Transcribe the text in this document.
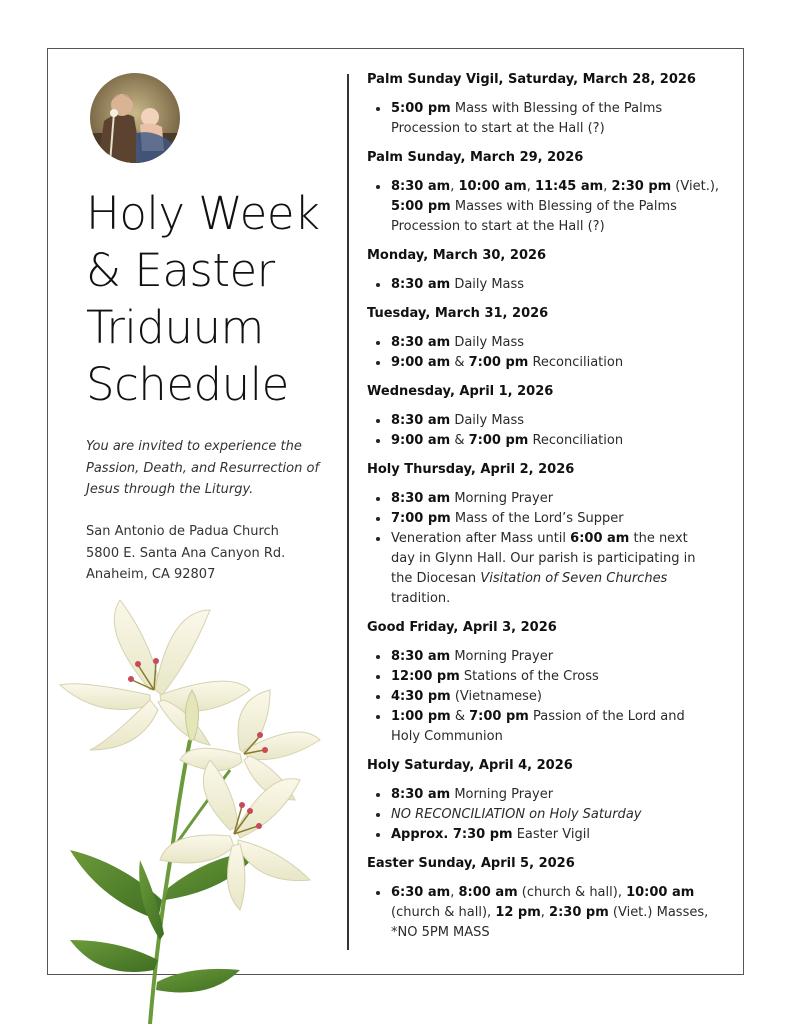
Holy Week
& Easter
Triduum
Schedule
You are invited to experience the
Passion, Death, and Resurrection of
Jesus through the Liturgy.
San Antonio de Padua Church
5800 E. Santa Ana Canyon Rd.
Anaheim, CA 92807
Palm Sunday Vigil, Saturday, March 28, 2026
5:00 pm Mass with Blessing of the Palms
Procession to start at the Hall (?)
Palm Sunday, March 29, 2026
8:30 am, 10:00 am, 11:45 am, 2:30 pm (Viet.),
5:00 pm Masses with Blessing of the Palms
Procession to start at the Hall (?)
Monday, March 30, 2026
8:30 am Daily Mass
Tuesday, March 31, 2026
8:30 am Daily Mass
9:00 am & 7:00 pm Reconciliation
Wednesday, April 1, 2026
8:30 am Daily Mass
9:00 am & 7:00 pm Reconciliation
Holy Thursday, April 2, 2026
8:30 am Morning Prayer
7:00 pm Mass of the Lord’s Supper
Veneration after Mass until 6:00 am the next
day in Glynn Hall. Our parish is participating in
the Diocesan Visitation of Seven Churches
tradition.
Good Friday, April 3, 2026
8:30 am Morning Prayer
12:00 pm Stations of the Cross
4:30 pm (Vietnamese)
1:00 pm & 7:00 pm Passion of the Lord and
Holy Communion
Holy Saturday, April 4, 2026
8:30 am Morning Prayer
NO RECONCILIATION on Holy Saturday
Approx. 7:30 pm Easter Vigil
Easter Sunday, April 5, 2026
6:30 am, 8:00 am (church & hall), 10:00 am
(church & hall), 12 pm, 2:30 pm (Viet.) Masses,
*NO 5PM MASS
